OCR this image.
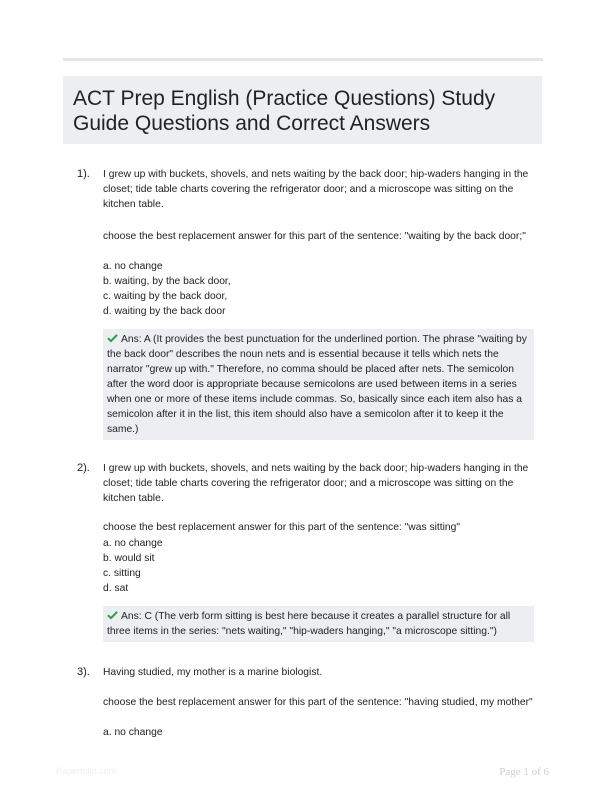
ACT Prep English (Practice Questions) Study Guide Questions and Correct Answers
1). I grew up with buckets, shovels, and nets waiting by the back door; hip-waders hanging in the closet; tide table charts covering the refrigerator door; and a microscope was sitting on the kitchen table.

choose the best replacement answer for this part of the sentence: "waiting by the back door;"

a. no change

b. waiting, by the back door,

c. waiting by the back door,

d. waiting by the back door

Ans: A (It provides the best punctuation for the underlined portion. The phrase "waiting by the back door" describes the noun nets and is essential because it tells which nets the narrator "grew up with." Therefore, no comma should be placed after nets. The semicolon after the word door is appropriate because semicolons are used between items in a series when one or more of these items include commas. So, basically since each item also has a semicolon after it in the list, this item should also have a semicolon after it to keep it the same.)
2). I grew up with buckets, shovels, and nets waiting by the back door; hip-waders hanging in the closet; tide table charts covering the refrigerator door; and a microscope was sitting on the kitchen table.

choose the best replacement answer for this part of the sentence: "was sitting"

a. no change

b. would sit

c. sitting

d. sat

Ans: C (The verb form sitting is best here because it creates a parallel structure for all three items in the series: "nets waiting," "hip-waders hanging," "a microscope sitting.")
3). Having studied, my mother is a marine biologist.

choose the best replacement answer for this part of the sentence: "having studied, my mother"

a. no change

Paperfolio.com	Page 1 of 6
